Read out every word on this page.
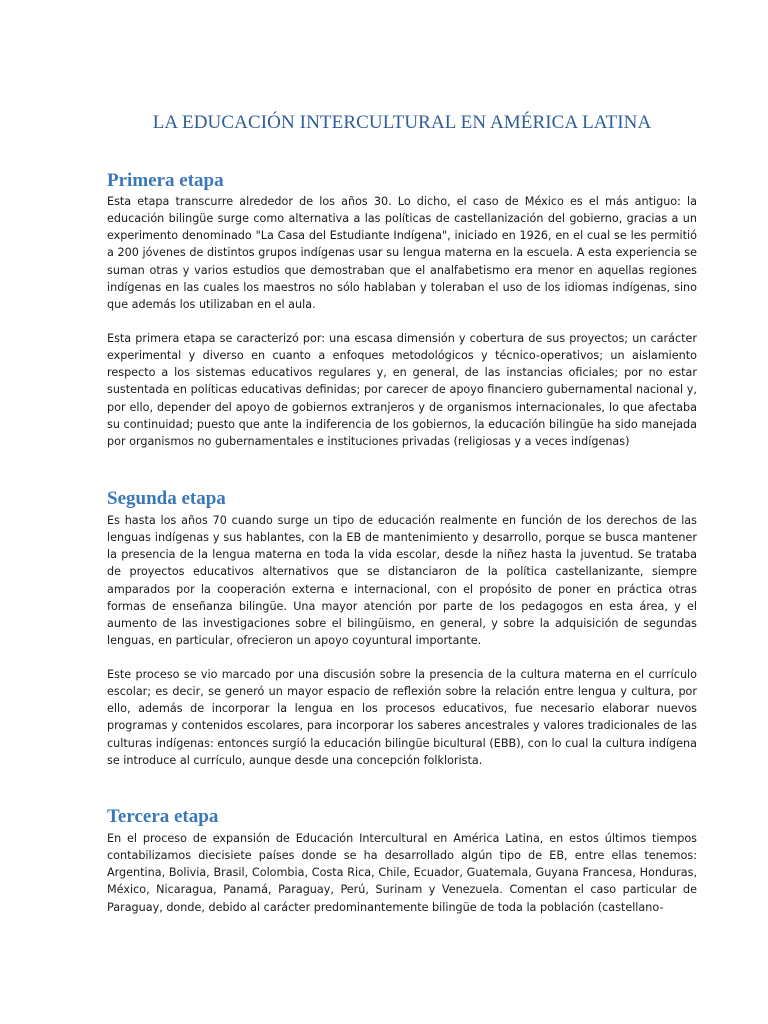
LA EDUCACIÓN INTERCULTURAL EN AMÉRICA LATINA
Primera etapa

Esta etapa transcurre alrededor de los años 30. Lo dicho, el caso de México es el más antiguo: la educación bilingüe surge como alternativa a las políticas de castellanización del gobierno, gracias a un experimento denominado "La Casa del Estudiante Indígena", iniciado en 1926, en el cual se les permitió a 200 jóvenes de distintos grupos indígenas usar su lengua materna en la escuela. A esta experiencia se suman otras y varios estudios que demostraban que el analfabetismo era menor en aquellas regiones indígenas en las cuales los maestros no sólo hablaban y toleraban el uso de los idiomas indígenas, sino que además los utilizaban en el aula.

Esta primera etapa se caracterizó por: una escasa dimensión y cobertura de sus proyectos; un carácter experimental y diverso en cuanto a enfoques metodológicos y técnico-operativos; un aislamiento respecto a los sistemas educativos regulares y, en general, de las instancias oficiales; por no estar sustentada en políticas educativas definidas; por carecer de apoyo financiero gubernamental nacional y, por ello, depender del apoyo de gobiernos extranjeros y de organismos internacionales, lo que afectaba su continuidad; puesto que ante la indiferencia de los gobiernos, la educación bilingüe ha sido manejada por organismos no gubernamentales e instituciones privadas (religiosas y a veces indígenas)

Segunda etapa

Es hasta los años 70 cuando surge un tipo de educación realmente en función de los derechos de las lenguas indígenas y sus hablantes, con la EB de mantenimiento y desarrollo, porque se busca mantener la presencia de la lengua materna en toda la vida escolar, desde la niñez hasta la juventud. Se trataba de proyectos educativos alternativos que se distanciaron de la política castellanizante, siempre amparados por la cooperación externa e internacional, con el propósito de poner en práctica otras formas de enseñanza bilingüe. Una mayor atención por parte de los pedagogos en esta área, y el aumento de las investigaciones sobre el bilingüismo, en general, y sobre la adquisición de segundas lenguas, en particular, ofrecieron un apoyo coyuntural importante.

Este proceso se vio marcado por una discusión sobre la presencia de la cultura materna en el currículo escolar; es decir, se generó un mayor espacio de reflexión sobre la relación entre lengua y cultura, por ello, además de incorporar la lengua en los procesos educativos, fue necesario elaborar nuevos programas y contenidos escolares, para incorporar los saberes ancestrales y valores tradicionales de las culturas indígenas: entonces surgió la educación bilingüe bicultural (EBB), con lo cual la cultura indígena se introduce al currículo, aunque desde una concepción folklorista.

Tercera etapa

En el proceso de expansión de Educación Intercultural en América Latina, en estos últimos tiempos contabilizamos diecisiete países donde se ha desarrollado algún tipo de EB, entre ellas tenemos: Argentina, Bolivia, Brasil, Colombia, Costa Rica, Chile, Ecuador, Guatemala, Guyana Francesa, Honduras, México, Nicaragua, Panamá, Paraguay, Perú, Surinam y Venezuela. Comentan el caso particular de Paraguay, donde, debido al carácter predominantemente bilingüe de toda la población (castellano-
